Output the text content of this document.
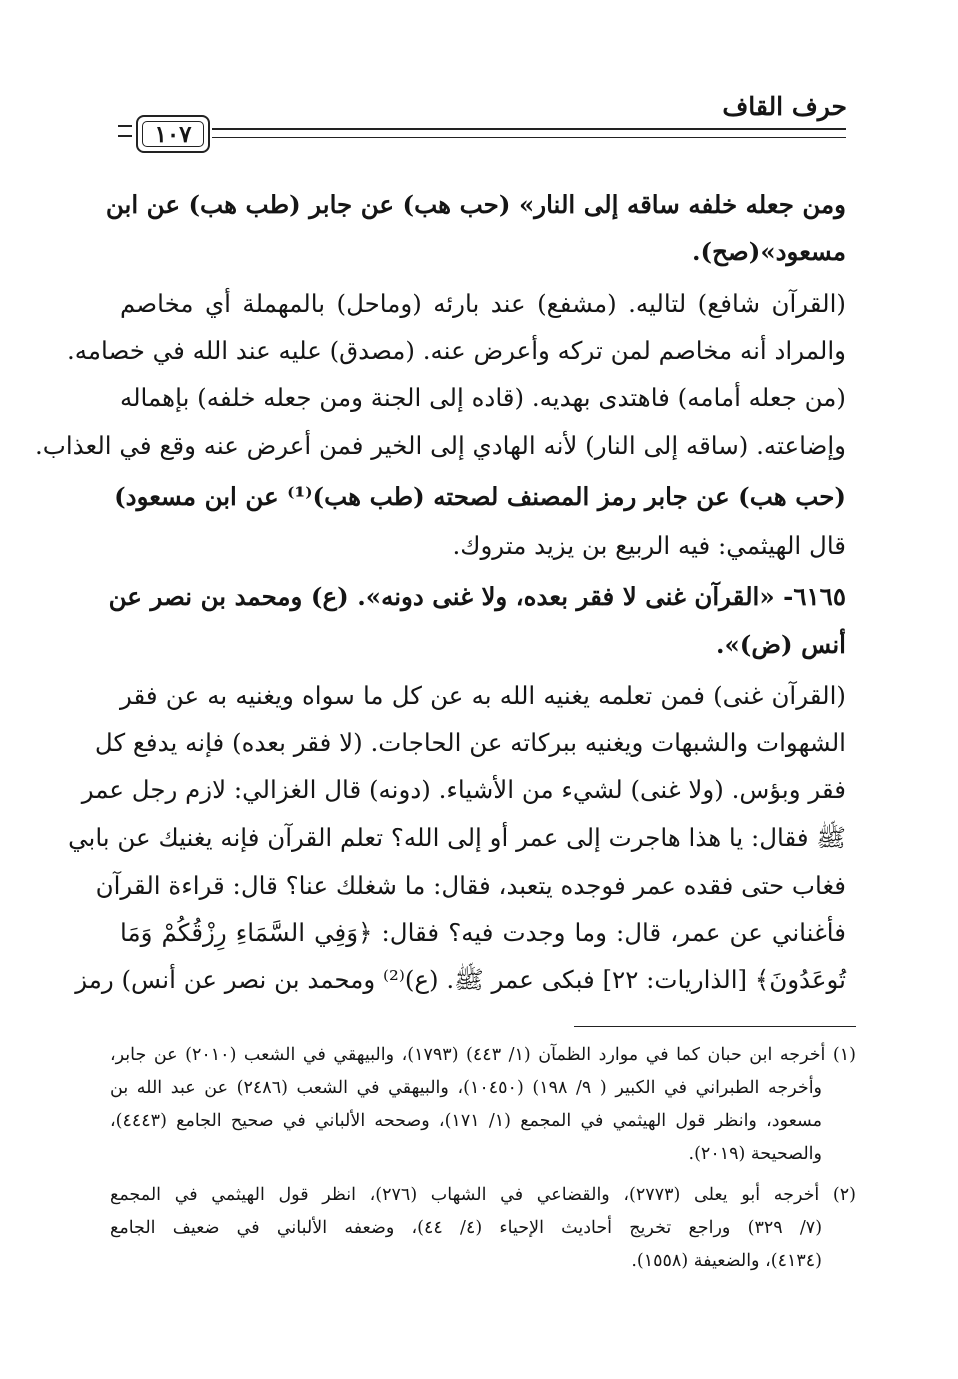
حرف القاف
١٠٧
ومن جعله خلفه ساقه إلى النار» (حب هب) عن جابر (طب هب) عن ابن
مسعود»(صح).
(القرآن شافع) لتاليه. (مشفع) عند بارئه (وماحل) بالمهملة أي مخاصم
والمراد أنه مخاصم لمن تركه وأعرض عنه. (مصدق) عليه عند الله في خصامه.
(من جعله أمامه) فاهتدى بهديه. (قاده إلى الجنة ومن جعله خلفه) بإهماله
وإضاعته. (ساقه إلى النار) لأنه الهادي إلى الخير فمن أعرض عنه وقع في العذاب.
(حب هب) عن جابر رمز المصنف لصحته (طب هب)⁽¹⁾ عن ابن مسعود)
قال الهيثمي: فيه الربيع بن يزيد متروك.
٦١٦٥- «القرآن غنى لا فقر بعده، ولا غنى دونه». (ع) ومحمد بن نصر عن
أنس (ض)».
(القرآن غنى) فمن تعلمه يغنيه الله به عن كل ما سواه ويغنيه به عن فقر
الشهوات والشبهات ويغنيه ببركاته عن الحاجات. (لا فقر بعده) فإنه يدفع كل
فقر وبؤس. (ولا غنى) لشيء من الأشياء. (دونه) قال الغزالي: لازم رجل عمر
ﷺ فقال: يا هذا هاجرت إلى عمر أو إلى الله؟ تعلم القرآن فإنه يغنيك عن بابي
فغاب حتى فقده عمر فوجده يتعبد، فقال: ما شغلك عنا؟ قال: قراءة القرآن
فأغناني عن عمر، قال: وما وجدت فيه؟ فقال: ﴿وَفِي السَّمَاءِ رِزْقُكُمْ وَمَا
تُوعَدُونَ﴾ [الذاريات: ٢٢] فبكى عمر ﷺ. (ع)⁽²⁾ ومحمد بن نصر عن أنس) رمز
(١) أخرجه ابن حبان كما في موارد الظمآن (١/ ٤٤٣) (١٧٩٣)، والبيهقي في الشعب (٢٠١٠) عن جابر،
وأخرجه الطبراني في الكبير ( ٩/ ١٩٨) (١٠٤٥٠)، والبيهقي في الشعب (٢٤٨٦) عن عبد الله بن
مسعود، وانظر قول الهيثمي في المجمع (١/ ١٧١)، وصححه الألباني في صحيح الجامع (٤٤٤٣)،
والصحيحة (٢٠١٩).
(٢) أخرجه أبو يعلى (٢٧٧٣)، والقضاعي في الشهاب (٢٧٦)، انظر قول الهيثمي في المجمع
(٧/ ٣٢٩) وراجع تخريج أحاديث الإحياء (٤/ ٤٤)، وضعفه الألباني في ضعيف الجامع
(٤١٣٤)، والضعيفة (١٥٥٨).
